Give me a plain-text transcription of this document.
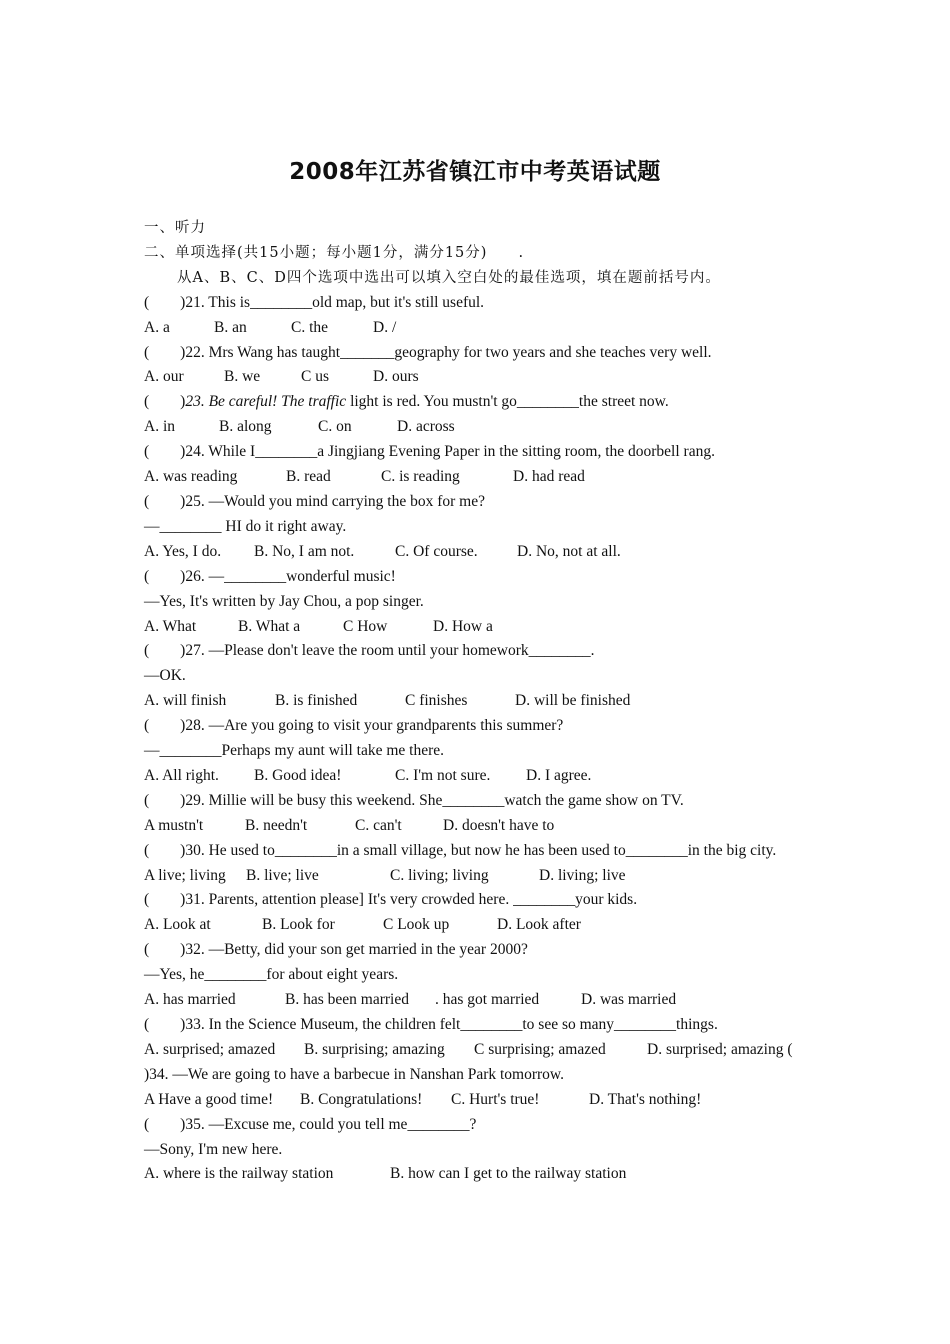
2008年江苏省镇江市中考英语试题
一、听力
二、单项选择(共15小题；每小题1分，满分15分)　　.
从A、B、C、D四个选项中选出可以填入空白处的最佳选项，填在题前括号内。
(　　)21. This is________old map, but it's still useful.
A. a	B. an	C. the	D. /
(　　)22. Mrs Wang has taught_______geography for two years and she teaches very well.
A. our	B. we	C us	D. ours
(　　)23. Be careful! The traffic light is red. You mustn't go________the street now.
A. in	B. along	C. on	D. across
(　　)24. While I________a Jingjiang Evening Paper in the sitting room, the doorbell rang.
A. was reading	B. read	C. is reading	D. had read
(　　)25. —Would you mind carrying the box for me?
—________ HI do it right away.
A. Yes, I do.	B. No, I am not.	C. Of course.	D. No, not at all.
(　　)26. —________wonderful music!
—Yes, It's written by Jay Chou, a pop singer.
A. What	B. What a	C How	D. How a
(　　)27. —Please don't leave the room until your homework________.
—OK.
A. will finish	B. is finished	C finishes	D. will be finished
(　　)28. —Are you going to visit your grandparents this summer?
—________Perhaps my aunt will take me there.
A. All right.	B. Good idea!	C. I'm not sure.	D. I agree.
(　　)29. Millie will be busy this weekend. She________watch the game show on TV.
A mustn't	B. needn't	C. can't	D. doesn't have to
(　　)30. He used to________in a small village, but now he has been used to________in the big city.
A live; living	B. live; live	C. living; living	D. living; live
(　　)31. Parents, attention please] It's very crowded here. ________your kids.
A. Look at	B. Look for	C Look up	D. Look after
(　　)32. —Betty, did your son get married in the year 2000?
—Yes, he________for about eight years.
A. has married	B. has been married	. has got married	D. was married
(　　)33. In the Science Museum, the children felt________to see so many________things.
A. surprised; amazed	B. surprising; amazing	C surprising; amazed	D. surprised; amazing (
)34. —We are going to have a barbecue in Nanshan Park tomorrow.
A Have a good time!	B. Congratulations!	C. Hurt's true!	D. That's nothing!
(　　)35. —Excuse me, could you tell me________?
—Sony, I'm new here.
A. where is the railway station	B. how can I get to the railway station
